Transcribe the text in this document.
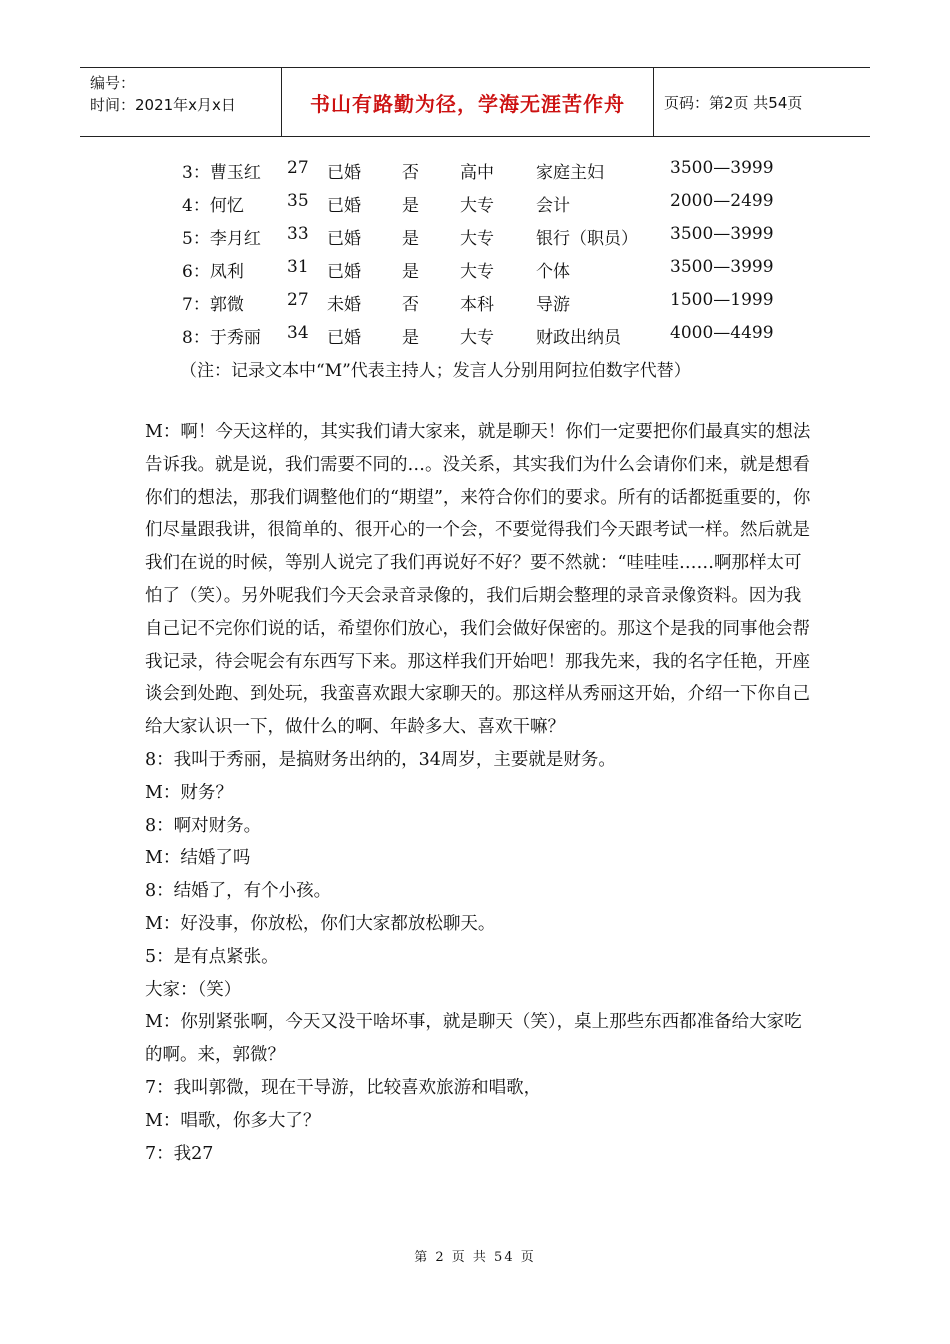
编号：
时间：2021年x月x日	书山有路勤为径，学海无涯苦作舟	页码：第2页 共54页
3：曹玉红 27 已婚 否 高中 家庭主妇	3500—3999
4：何忆	35 已婚 是 大专 会计	2000—2499
5：李月红 33 已婚 是 大专 银行（职员） 3500—3999
6：凤利	31 已婚 是 大专 个体	3500—3999
7：郭微	27 未婚 否 本科 导游	1500—1999
8：于秀丽 34 已婚 是 大专 财政出纳员	4000—4499
（注：记录文本中“M”代表主持人；发言人分别用阿拉伯数字代替）

M：啊！今天这样的，其实我们请大家来，就是聊天！你们一定要把你们最真实的想法告诉我。就是说，我们需要不同的…。没关系，其实我们为什么会请你们来，就是想看你们的想法，那我们调整他们的“期望”，来符合你们的要求。所有的话都挺重要的，你们尽量跟我讲，很简单的、很开心的一个会，不要觉得我们今天跟考试一样。然后就是我们在说的时候，等别人说完了我们再说好不好？要不然就：“哇哇哇……啊那样太可怕了（笑）。另外呢我们今天会录音录像的，我们后期会整理的录音录像资料。因为我自己记不完你们说的话，希望你们放心，我们会做好保密的。那这个是我的同事他会帮我记录，待会呢会有东西写下来。那这样我们开始吧！那我先来，我的名字任艳，开座谈会到处跑、到处玩，我蛮喜欢跟大家聊天的。那这样从秀丽这开始，介绍一下你自己给大家认识一下，做什么的啊、年龄多大、喜欢干嘛？

8：我叫于秀丽，是搞财务出纳的，34周岁，主要就是财务。

M：财务？

8：啊对财务。

M：结婚了吗

8：结婚了，有个小孩。

M：好没事，你放松，你们大家都放松聊天。

5：是有点紧张。

大家：（笑）

M：你别紧张啊，今天又没干啥坏事，就是聊天（笑），桌上那些东西都准备给大家吃的啊。来，郭微？

7：我叫郭微，现在干导游，比较喜欢旅游和唱歌，

M：唱歌，你多大了？

7：我27

第 2 页 共 54 页
